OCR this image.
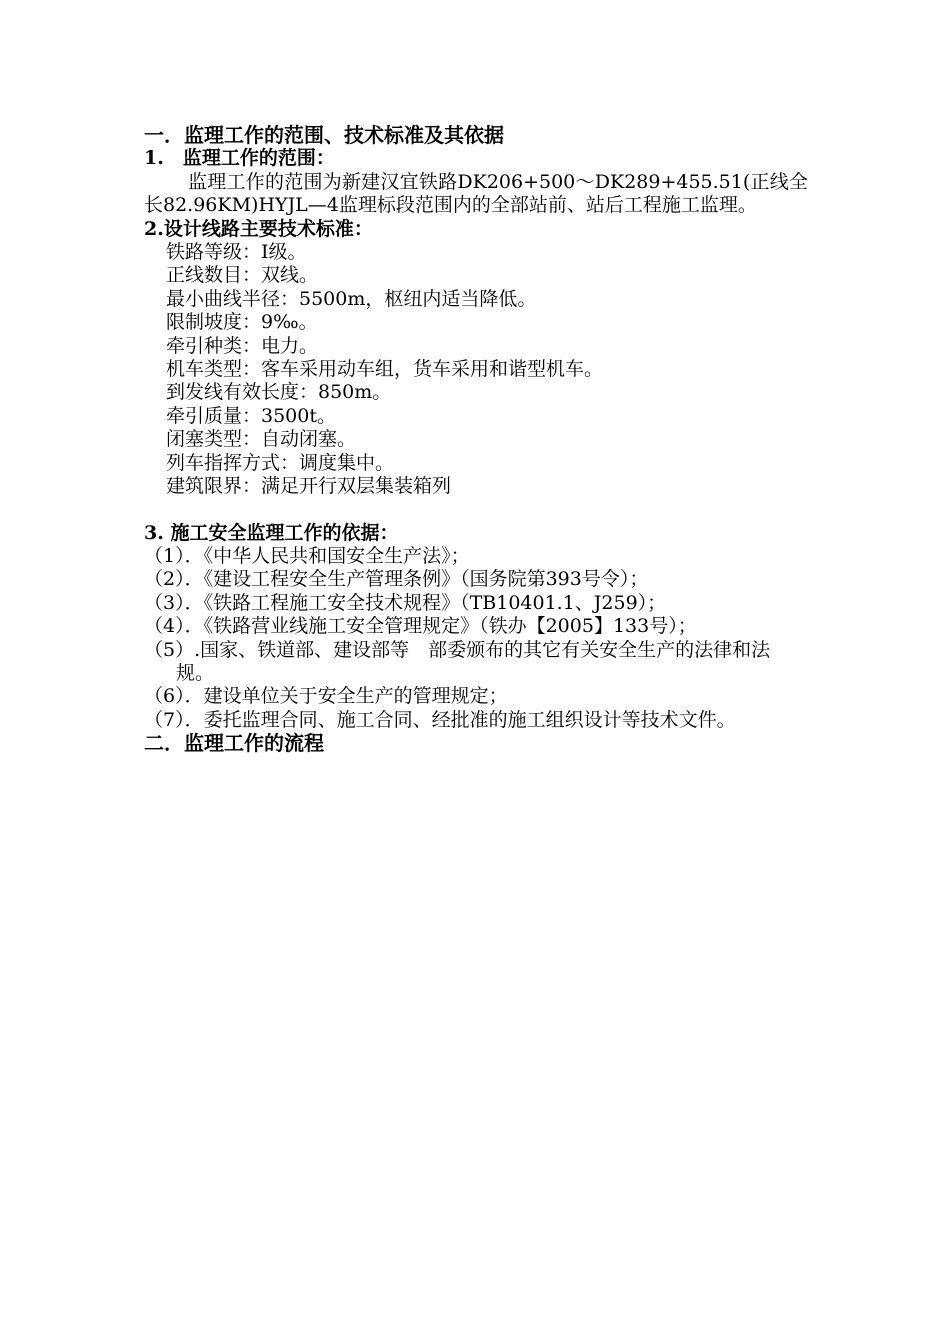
一．监理工作的范围、技术标准及其依据
1.　监理工作的范围：

监理工作的范围为新建汉宜铁路DK206+500～DK289+455.51(正线全长82.96KM)HYJL—4监理标段范围内的全部站前、站后工程施工监理。

2.设计线路主要技术标准：
铁路等级：Ⅰ级。
正线数目：双线。
最小曲线半径：5500m，枢纽内适当降低。
限制坡度：9‰。
牵引种类：电力。
机车类型：客车采用动车组，货车采用和谐型机车。
到发线有效长度：850m。
牵引质量：3500t。
闭塞类型：自动闭塞。
列车指挥方式：调度集中。
建筑限界：满足开行双层集装箱列
3. 施工安全监理工作的依据：

（1）．《中华人民共和国安全生产法》；

（2）．《建设工程安全生产管理条例》（国务院第393号令）；

（3）．《铁路工程施工安全技术规程》（TB10401.1、J259）；

（4）．《铁路营业线施工安全管理规定》（铁办【2005】133号）；

（5）.国家、铁道部、建设部等　部委颁布的其它有关安全生产的法律和法规。

（6）．建设单位关于安全生产的管理规定；

（7）．委托监理合同、施工合同、经批准的施工组织设计等技术文件。

二．监理工作的流程
